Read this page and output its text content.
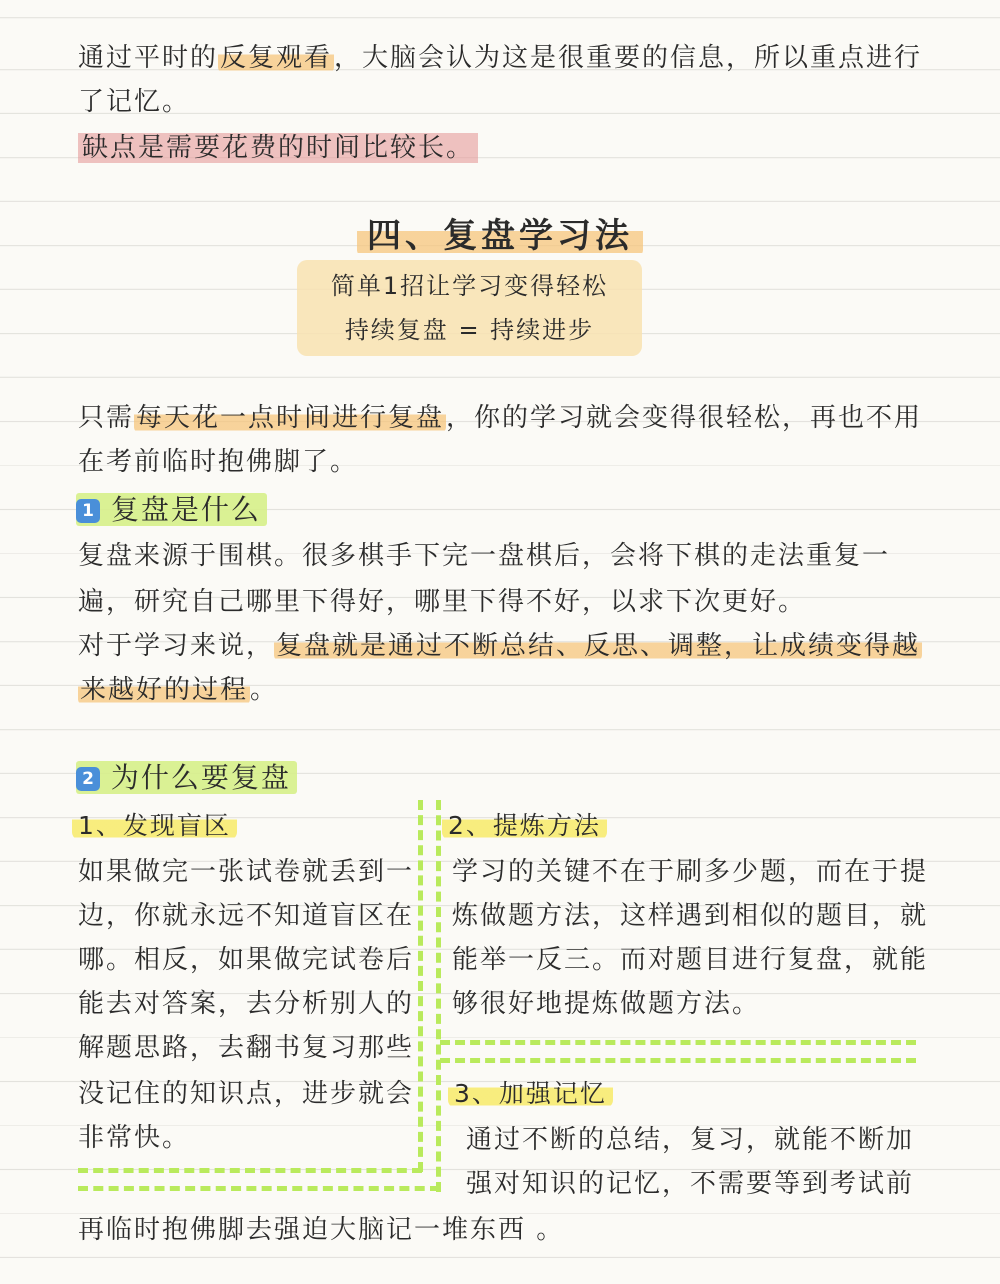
通过平时的反复观看，大脑会认为这是很重要的信息，所以重点进行
了记忆。
缺点是需要花费的时间比较长。
四、复盘学习法
简单1招让学习变得轻松
持续复盘 = 持续进步
只需每天花一点时间进行复盘，你的学习就会变得很轻松，再也不用
在考前临时抱佛脚了。
1 复盘是什么
复盘来源于围棋。很多棋手下完一盘棋后，会将下棋的走法重复一
遍，研究自己哪里下得好，哪里下得不好，以求下次更好。
对于学习来说，复盘就是通过不断总结、反思、调整，让成绩变得越
来越好的过程。
2 为什么要复盘
1、发现盲区
如果做完一张试卷就丢到一
边，你就永远不知道盲区在
哪。相反，如果做完试卷后
能去对答案，去分析别人的
解题思路，去翻书复习那些
没记住的知识点，进步就会
非常快。
2、提炼方法
学习的关键不在于刷多少题，而在于提
炼做题方法，这样遇到相似的题目，就
能举一反三。而对题目进行复盘，就能
够很好地提炼做题方法。
3、加强记忆
通过不断的总结，复习，就能不断加
强对知识的记忆，不需要等到考试前
再临时抱佛脚去强迫大脑记一堆东西 。
